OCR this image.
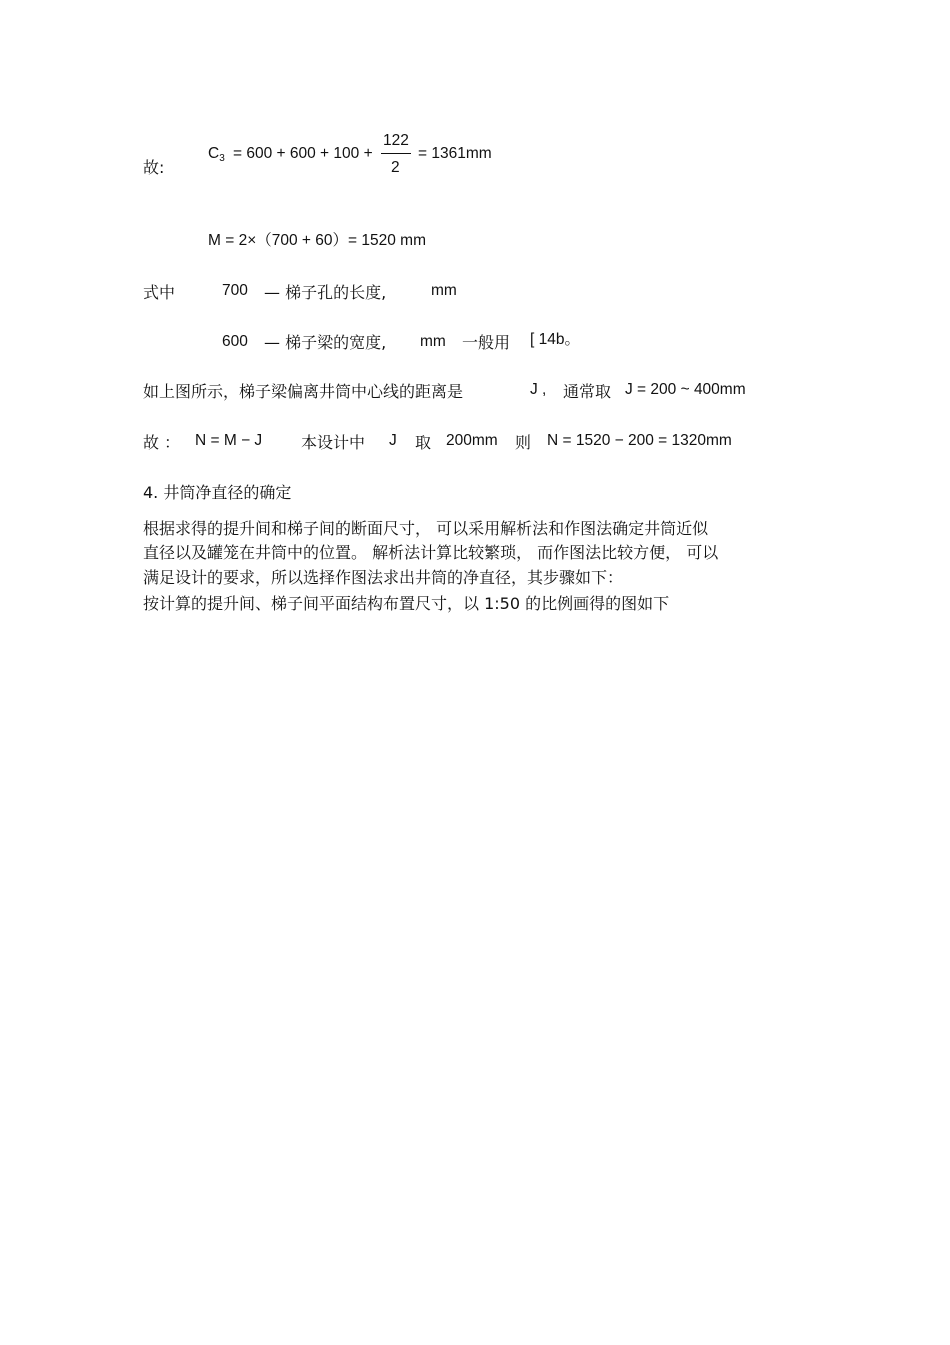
故:
$C_3 = 600 + 600 + 100$ +
122
2
= 1361mm
M = 2×（700 + 60）= 1520 mm
式中	700 — 梯子孔的长度,	mm
600 — 梯子梁的宽度, mm 一般用 [ 14b。
如上图所示，梯子梁偏离井筒中心线的距离是	J , 通常取 J = 200 ~ 400mm
故 ： N = M − J 本设计中 J 取 200mm 则 N = 1520 − 200 = 1320mm
4. 井筒净直径的确定
根据求得的提升间和梯子间的断面尺寸， 可以采用解析法和作图法确定井筒近似
直径以及罐笼在井筒中的位置。 解析法计算比较繁琐， 而作图法比较方便， 可以
满足设计的要求，所以选择作图法求出井筒的净直径，其步骤如下：
按计算的提升间、梯子间平面结构布置尺寸，以 1:50 的比例画得的图如下
